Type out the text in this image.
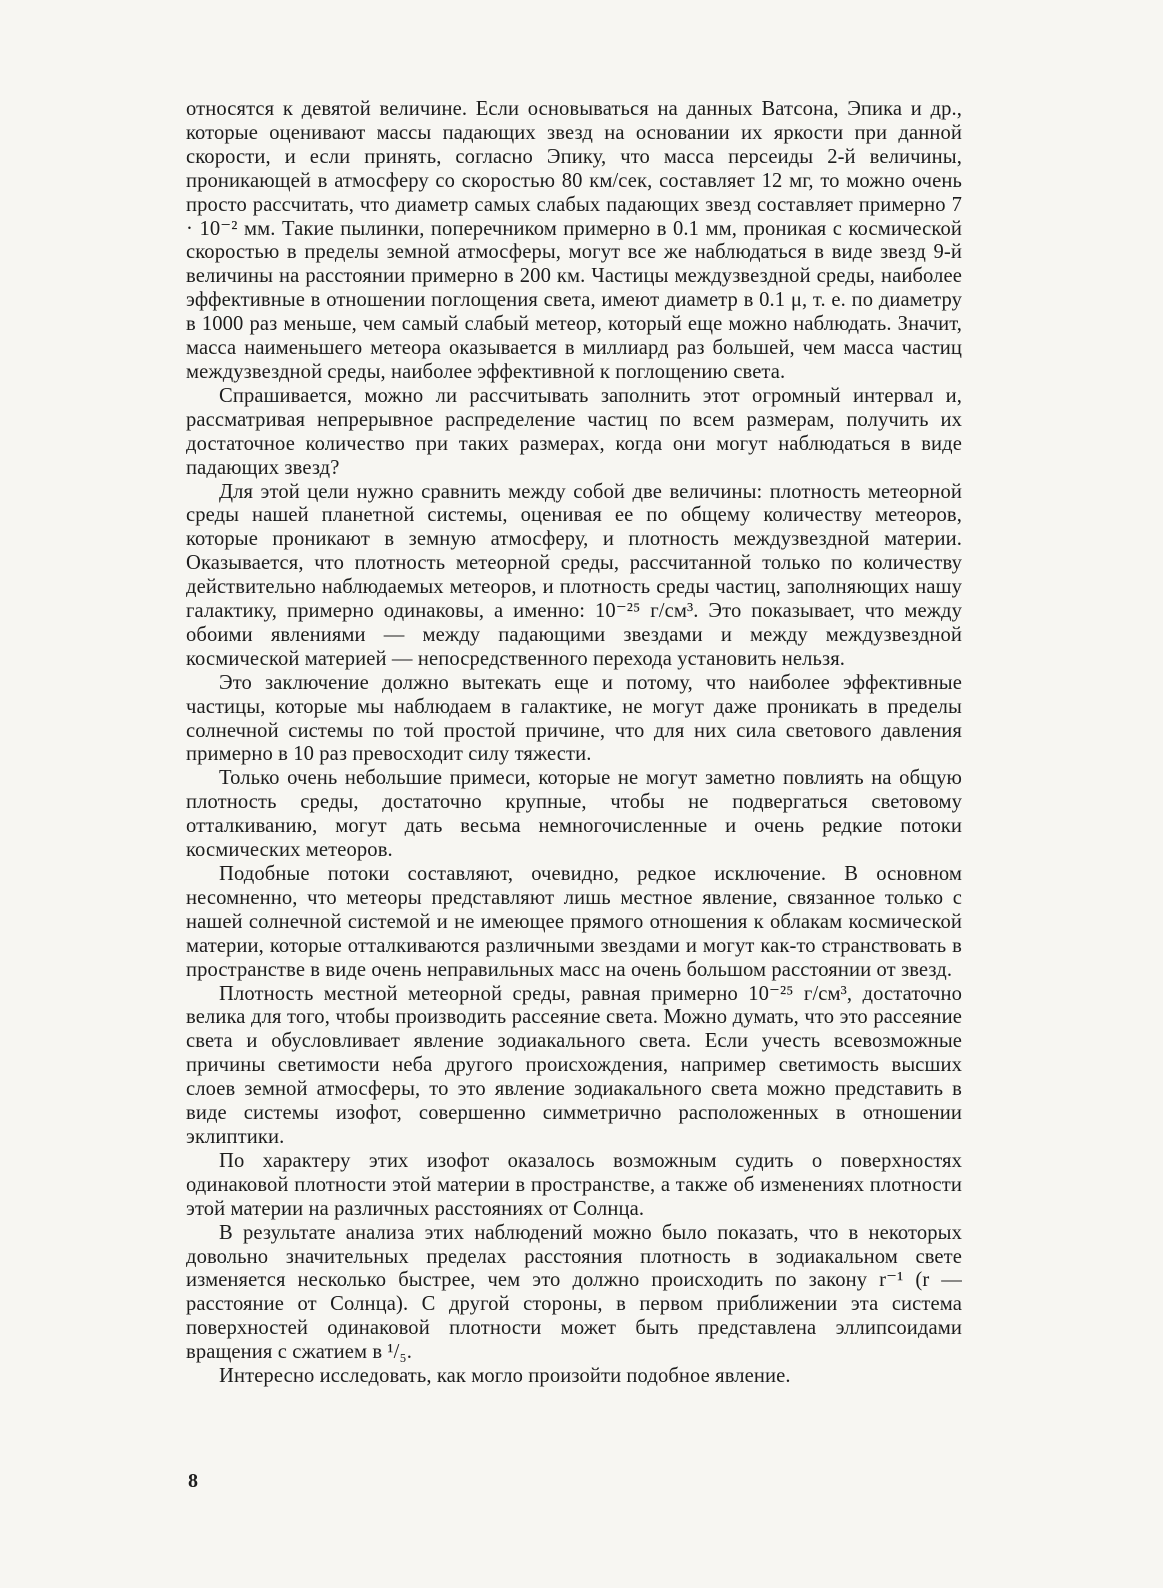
относятся к девятой величине. Если основываться на данных Ватсона, Эпика и др., которые оценивают массы падающих звезд на основании их яркости при данной скорости, и если принять, согласно Эпику, что масса персеиды 2-й величины, проникающей в атмосферу со скоростью 80 км/сек, составляет 12 мг, то можно очень просто рассчитать, что диаметр самых слабых падающих звезд составляет примерно 7 · 10⁻² мм. Такие пылинки, поперечником примерно в 0.1 мм, проникая с космической скоростью в пределы земной атмосферы, могут все же наблюдаться в виде звезд 9-й величины на расстоянии примерно в 200 км. Частицы междузвездной среды, наиболее эффективные в отношении поглощения света, имеют диаметр в 0.1 μ, т. е. по диаметру в 1000 раз меньше, чем самый слабый метеор, который еще можно наблюдать. Значит, масса наименьшего метеора оказывается в миллиард раз большей, чем масса частиц междузвездной среды, наиболее эффективной к поглощению света.

Спрашивается, можно ли рассчитывать заполнить этот огромный интервал и, рассматривая непрерывное распределение частиц по всем размерам, получить их достаточное количество при таких размерах, когда они могут наблюдаться в виде падающих звезд?

Для этой цели нужно сравнить между собой две величины: плотность метеорной среды нашей планетной системы, оценивая ее по общему количеству метеоров, которые проникают в земную атмосферу, и плотность междузвездной материи. Оказывается, что плотность метеорной среды, рассчитанной только по количеству действительно наблюдаемых метеоров, и плотность среды частиц, заполняющих нашу галактику, примерно одинаковы, а именно: 10⁻²⁵ г/см³. Это показывает, что между обоими явлениями — между падающими звездами и между междузвездной космической материей — непосредственного перехода установить нельзя.

Это заключение должно вытекать еще и потому, что наиболее эффективные частицы, которые мы наблюдаем в галактике, не могут даже проникать в пределы солнечной системы по той простой причине, что для них сила светового давления примерно в 10 раз превосходит силу тяжести.

Только очень небольшие примеси, которые не могут заметно повлиять на общую плотность среды, достаточно крупные, чтобы не подвергаться световому отталкиванию, могут дать весьма немногочисленные и очень редкие потоки космических метеоров.

Подобные потоки составляют, очевидно, редкое исключение. В основном несомненно, что метеоры представляют лишь местное явление, связанное только с нашей солнечной системой и не имеющее прямого отношения к облакам космической материи, которые отталкиваются различными звездами и могут как-то странствовать в пространстве в виде очень неправильных масс на очень большом расстоянии от звезд.

Плотность местной метеорной среды, равная примерно 10⁻²⁵ г/см³, достаточно велика для того, чтобы производить рассеяние света. Можно думать, что это рассеяние света и обусловливает явление зодиакального света. Если учесть всевозможные причины светимости неба другого происхождения, например светимость высших слоев земной атмосферы, то это явление зодиакального света можно представить в виде системы изофот, совершенно симметрично расположенных в отношении эклиптики.

По характеру этих изофот оказалось возможным судить о поверхностях одинаковой плотности этой материи в пространстве, а также об изменениях плотности этой материи на различных расстояниях от Солнца.

В результате анализа этих наблюдений можно было показать, что в некоторых довольно значительных пределах расстояния плотность в зодиакальном свете изменяется несколько быстрее, чем это должно происходить по закону r⁻¹ (r — расстояние от Солнца). С другой стороны, в первом приближении эта система поверхностей одинаковой плотности может быть представлена эллипсоидами вращения с сжатием в ¹/₅.

Интересно исследовать, как могло произойти подобное явление.

8
